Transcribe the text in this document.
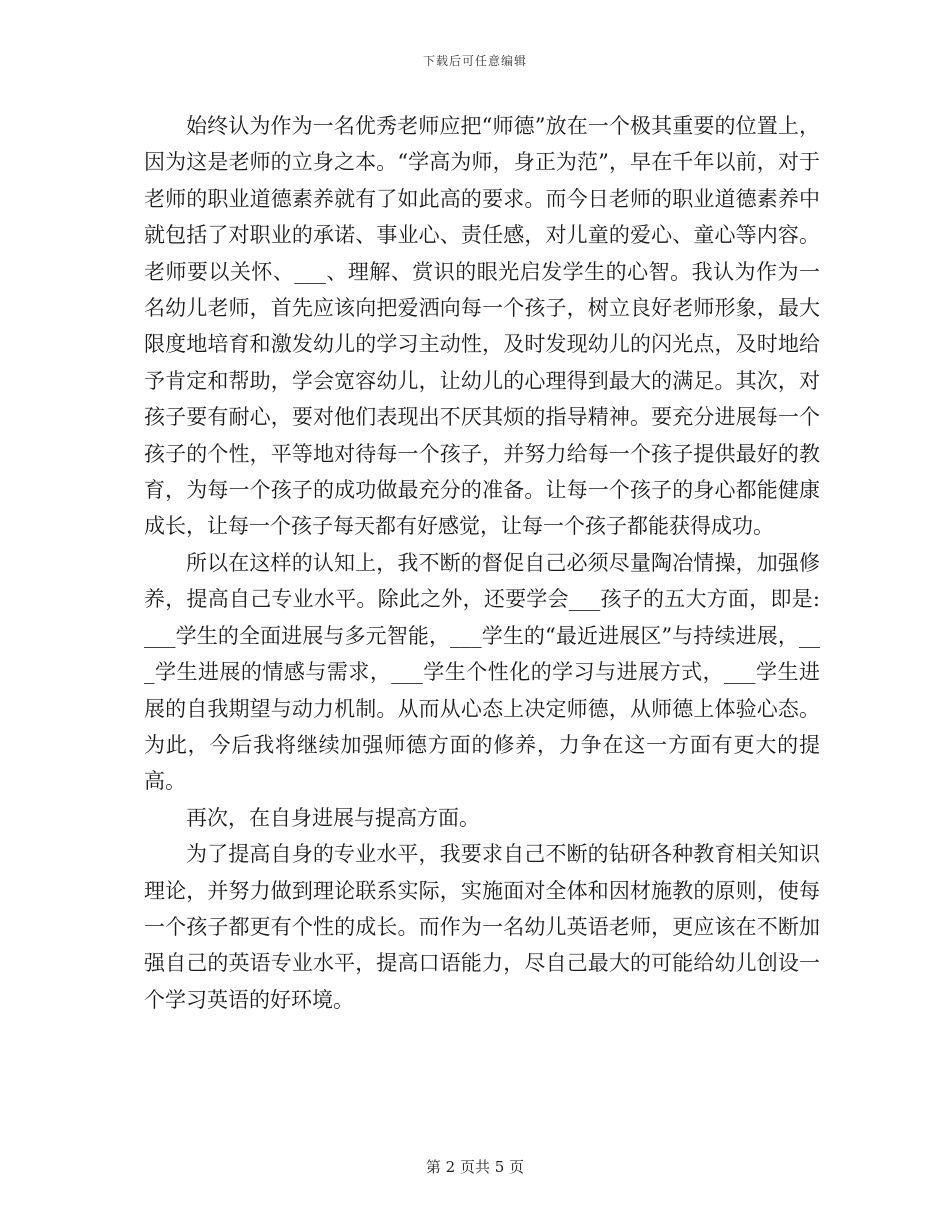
下载后可任意编辑

始终认为作为一名优秀老师应把“师德”放在一个极其重要的位置上，因为这是老师的立身之本。“学高为师，身正为范”，早在千年以前，对于老师的职业道德素养就有了如此高的要求。而今日老师的职业道德素养中就包括了对职业的承诺、事业心、责任感，对儿童的爱心、童心等内容。老师要以关怀、___、理解、赏识的眼光启发学生的心智。我认为作为一名幼儿老师，首先应该向把爱洒向每一个孩子，树立良好老师形象，最大限度地培育和激发幼儿的学习主动性，及时发现幼儿的闪光点，及时地给予肯定和帮助，学会宽容幼儿，让幼儿的心理得到最大的满足。其次，对孩子要有耐心，要对他们表现出不厌其烦的指导精神。要充分进展每一个孩子的个性，平等地对待每一个孩子，并努力给每一个孩子提供最好的教育，为每一个孩子的成功做最充分的准备。让每一个孩子的身心都能健康成长，让每一个孩子每天都有好感觉，让每一个孩子都能获得成功。

所以在这样的认知上，我不断的督促自己必须尽量陶冶情操，加强修养，提高自己专业水平。除此之外，还要学会___孩子的五大方面，即是:___学生的全面进展与多元智能，___学生的“最近进展区”与持续进展，___学生进展的情感与需求，___学生个性化的学习与进展方式，___学生进展的自我期望与动力机制。从而从心态上决定师德，从师德上体验心态。为此，今后我将继续加强师德方面的修养，力争在这一方面有更大的提高。

再次，在自身进展与提高方面。

为了提高自身的专业水平，我要求自己不断的钻研各种教育相关知识理论，并努力做到理论联系实际，实施面对全体和因材施教的原则，使每一个孩子都更有个性的成长。而作为一名幼儿英语老师，更应该在不断加强自己的英语专业水平，提高口语能力，尽自己最大的可能给幼儿创设一个学习英语的好环境。

第 2 页共 5 页
